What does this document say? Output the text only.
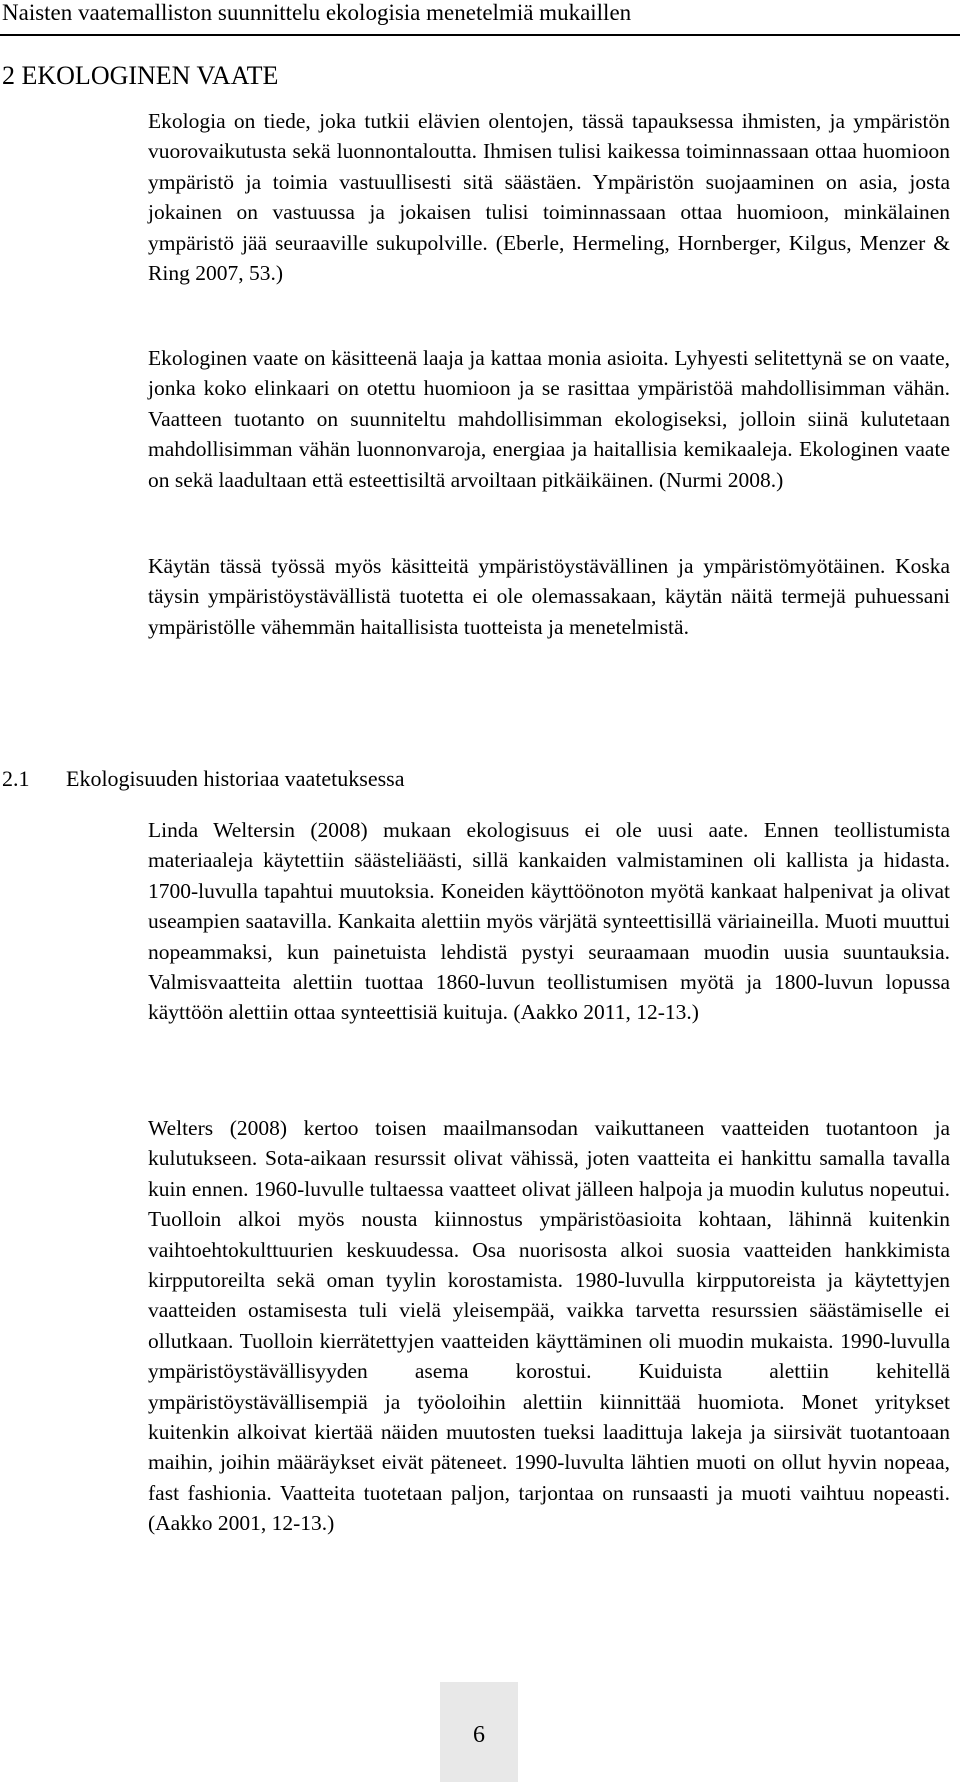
Naisten vaatemalliston suunnittelu ekologisia menetelmiä mukaillen
2 EKOLOGINEN VAATE

Ekologia on tiede, joka tutkii elävien olentojen, tässä tapauksessa ihmisten, ja ympäristön vuorovaikutusta sekä luonnontaloutta. Ihmisen tulisi kaikessa toiminnassaan ottaa huomioon ympäristö ja toimia vastuullisesti sitä säästäen. Ympäristön suojaaminen on asia, josta jokainen on vastuussa ja jokaisen tulisi toiminnassaan ottaa huomioon, minkälainen ympäristö jää seuraaville sukupolville. (Eberle, Hermeling, Hornberger, Kilgus, Menzer & Ring 2007, 53.)

Ekologinen vaate on käsitteenä laaja ja kattaa monia asioita. Lyhyesti selitettynä se on vaate, jonka koko elinkaari on otettu huomioon ja se rasittaa ympäristöä mahdollisimman vähän. Vaatteen tuotanto on suunniteltu mahdollisimman ekologiseksi, jolloin siinä kulutetaan mahdollisimman vähän luonnonvaroja, energiaa ja haitallisia kemikaaleja. Ekologinen vaate on sekä laadultaan että esteettisiltä arvoiltaan pitkäikäinen. (Nurmi 2008.)

Käytän tässä työssä myös käsitteitä ympäristöystävällinen ja ympäristömyötäinen. Koska täysin ympäristöystävällistä tuotetta ei ole olemassakaan, käytän näitä termejä puhuessani ympäristölle vähemmän haitallisista tuotteista ja menetelmistä.

2.1 Ekologisuuden historiaa vaatetuksessa

Linda Weltersin (2008) mukaan ekologisuus ei ole uusi aate. Ennen teollistumista materiaaleja käytettiin säästeliäästi, sillä kankaiden valmistaminen oli kallista ja hidasta. 1700-luvulla tapahtui muutoksia. Koneiden käyttöönoton myötä kankaat halpenivat ja olivat useampien saatavilla. Kankaita alettiin myös värjätä synteettisillä väriaineilla. Muoti muuttui nopeammaksi, kun painetuista lehdistä pystyi seuraamaan muodin uusia suuntauksia. Valmisvaatteita alettiin tuottaa 1860-luvun teollistumisen myötä ja 1800-luvun lopussa käyttöön alettiin ottaa synteettisiä kuituja. (Aakko 2011, 12-13.)

Welters (2008) kertoo toisen maailmansodan vaikuttaneen vaatteiden tuotantoon ja kulutukseen. Sota-aikaan resurssit olivat vähissä, joten vaatteita ei hankittu samalla tavalla kuin ennen. 1960-luvulle tultaessa vaatteet olivat jälleen halpoja ja muodin kulutus nopeutui. Tuolloin alkoi myös nousta kiinnostus ympäristöasioita kohtaan, lähinnä kuitenkin vaihtoehtokulttuurien keskuudessa. Osa nuorisosta alkoi suosia vaatteiden hankkimista kirpputoreilta sekä oman tyylin korostamista. 1980-luvulla kirpputoreista ja käytettyjen vaatteiden ostamisesta tuli vielä yleisempää, vaikka tarvetta resurssien säästämiselle ei ollutkaan. Tuolloin kierrätettyjen vaatteiden käyttäminen oli muodin mukaista. 1990-luvulla ympäristöystävällisyyden asema korostui. Kuiduista alettiin kehitellä ympäristöystävällisempiä ja työoloihin alettiin kiinnittää huomiota. Monet yritykset kuitenkin alkoivat kiertää näiden muutosten tueksi laadittuja lakeja ja siirsivät tuotantoaan maihin, joihin määräykset eivät päteneet. 1990-luvulta lähtien muoti on ollut hyvin nopeaa, fast fashionia. Vaatteita tuotetaan paljon, tarjontaa on runsaasti ja muoti vaihtuu nopeasti. (Aakko 2001, 12-13.)

6
